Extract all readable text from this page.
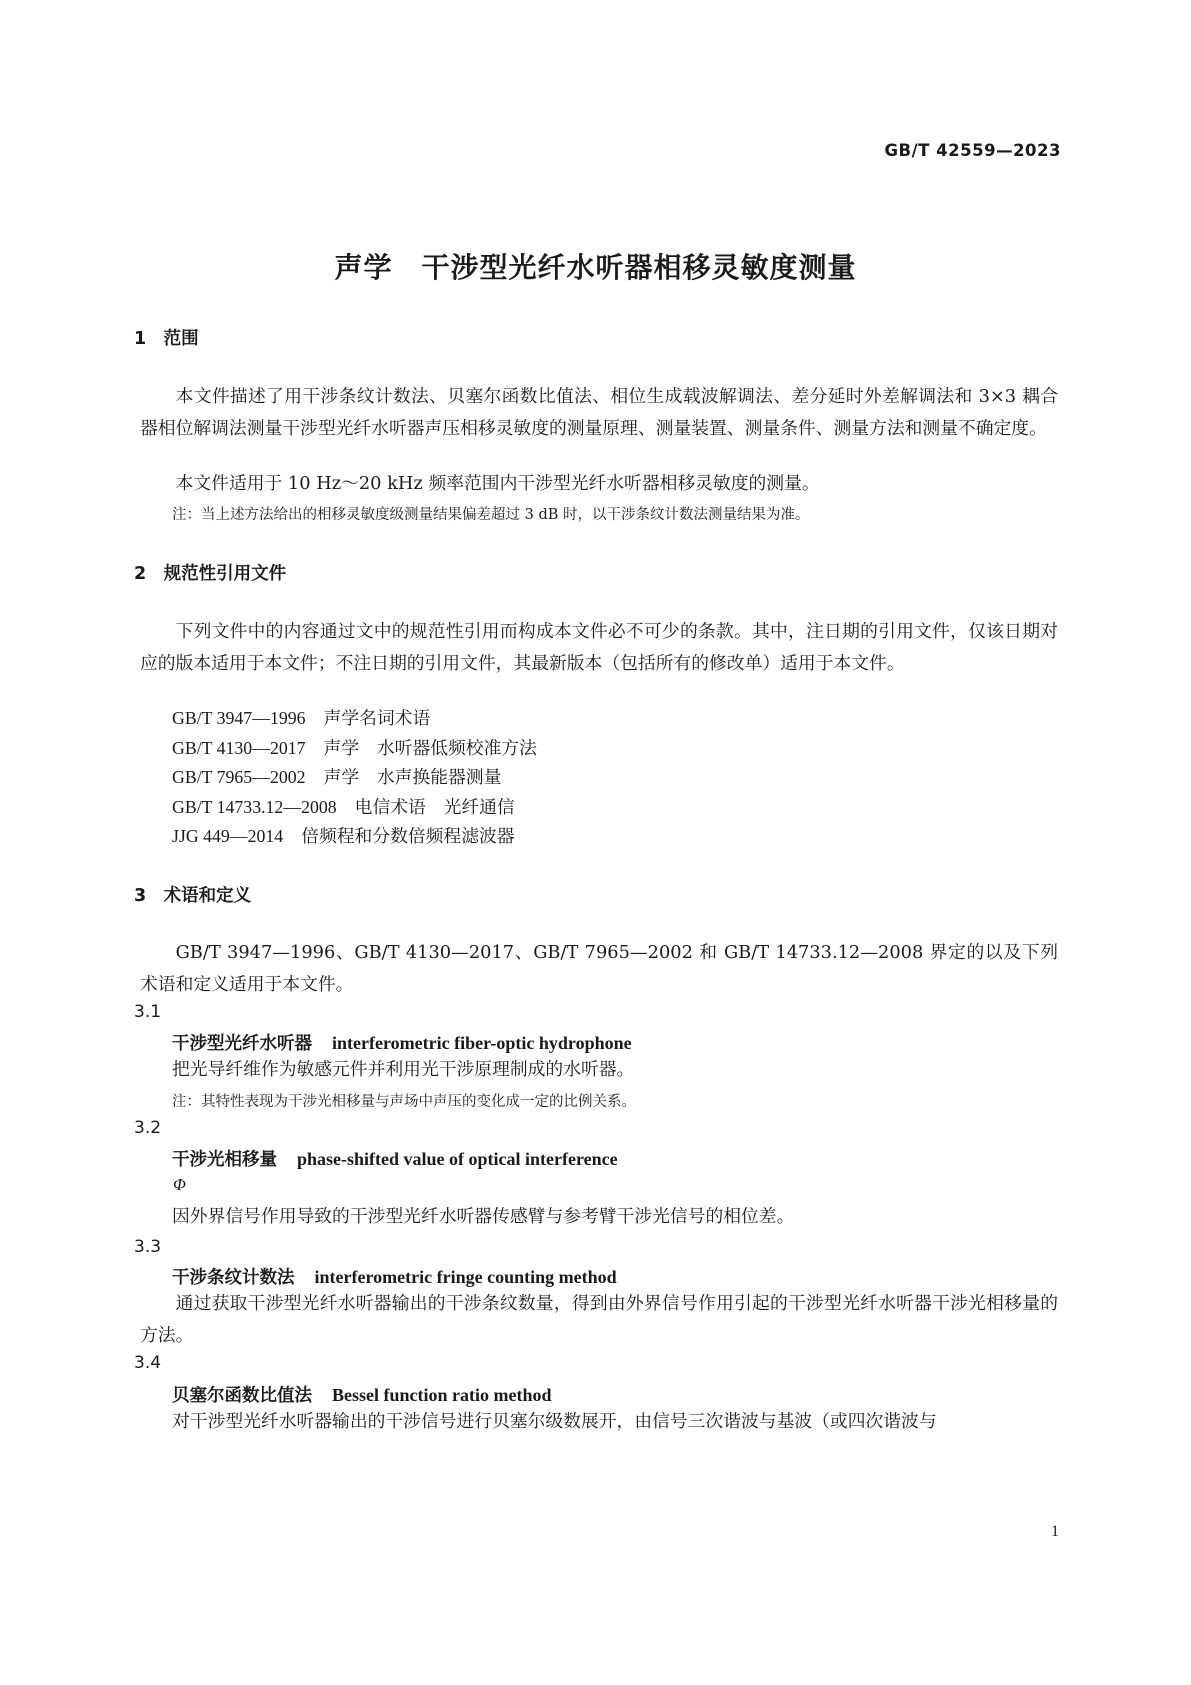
GB/T 42559—2023
声学　干涉型光纤水听器相移灵敏度测量
1　范围
本文件描述了用干涉条纹计数法、贝塞尔函数比值法、相位生成载波解调法、差分延时外差解调法和 3×3 耦合器相位解调法测量干涉型光纤水听器声压相移灵敏度的测量原理、测量装置、测量条件、测量方法和测量不确定度。
本文件适用于 10 Hz～20 kHz 频率范围内干涉型光纤水听器相移灵敏度的测量。
注：当上述方法给出的相移灵敏度级测量结果偏差超过 3 dB 时，以干涉条纹计数法测量结果为准。
2　规范性引用文件
下列文件中的内容通过文中的规范性引用而构成本文件必不可少的条款。其中，注日期的引用文件，仅该日期对应的版本适用于本文件；不注日期的引用文件，其最新版本（包括所有的修改单）适用于本文件。
GB/T 3947—1996 声学名词术语
GB/T 4130—2017 声学　水听器低频校准方法
GB/T 7965—2002 声学　水声换能器测量
GB/T 14733.12—2008 电信术语　光纤通信
JJG 449—2014 倍频程和分数倍频程滤波器
3　术语和定义
GB/T 3947—1996、GB/T 4130—2017、GB/T 7965—2002 和 GB/T 14733.12—2008 界定的以及下列术语和定义适用于本文件。
3.1
干涉型光纤水听器 interferometric fiber-optic hydrophone
把光导纤维作为敏感元件并利用光干涉原理制成的水听器。
注：其特性表现为干涉光相移量与声场中声压的变化成一定的比例关系。
3.2
干涉光相移量 phase-shifted value of optical interference
Φ
因外界信号作用导致的干涉型光纤水听器传感臂与参考臂干涉光信号的相位差。
3.3
干涉条纹计数法 interferometric fringe counting method
通过获取干涉型光纤水听器输出的干涉条纹数量，得到由外界信号作用引起的干涉型光纤水听器干涉光相移量的方法。
3.4
贝塞尔函数比值法 Bessel function ratio method
对干涉型光纤水听器输出的干涉信号进行贝塞尔级数展开，由信号三次谐波与基波（或四次谐波与
1
